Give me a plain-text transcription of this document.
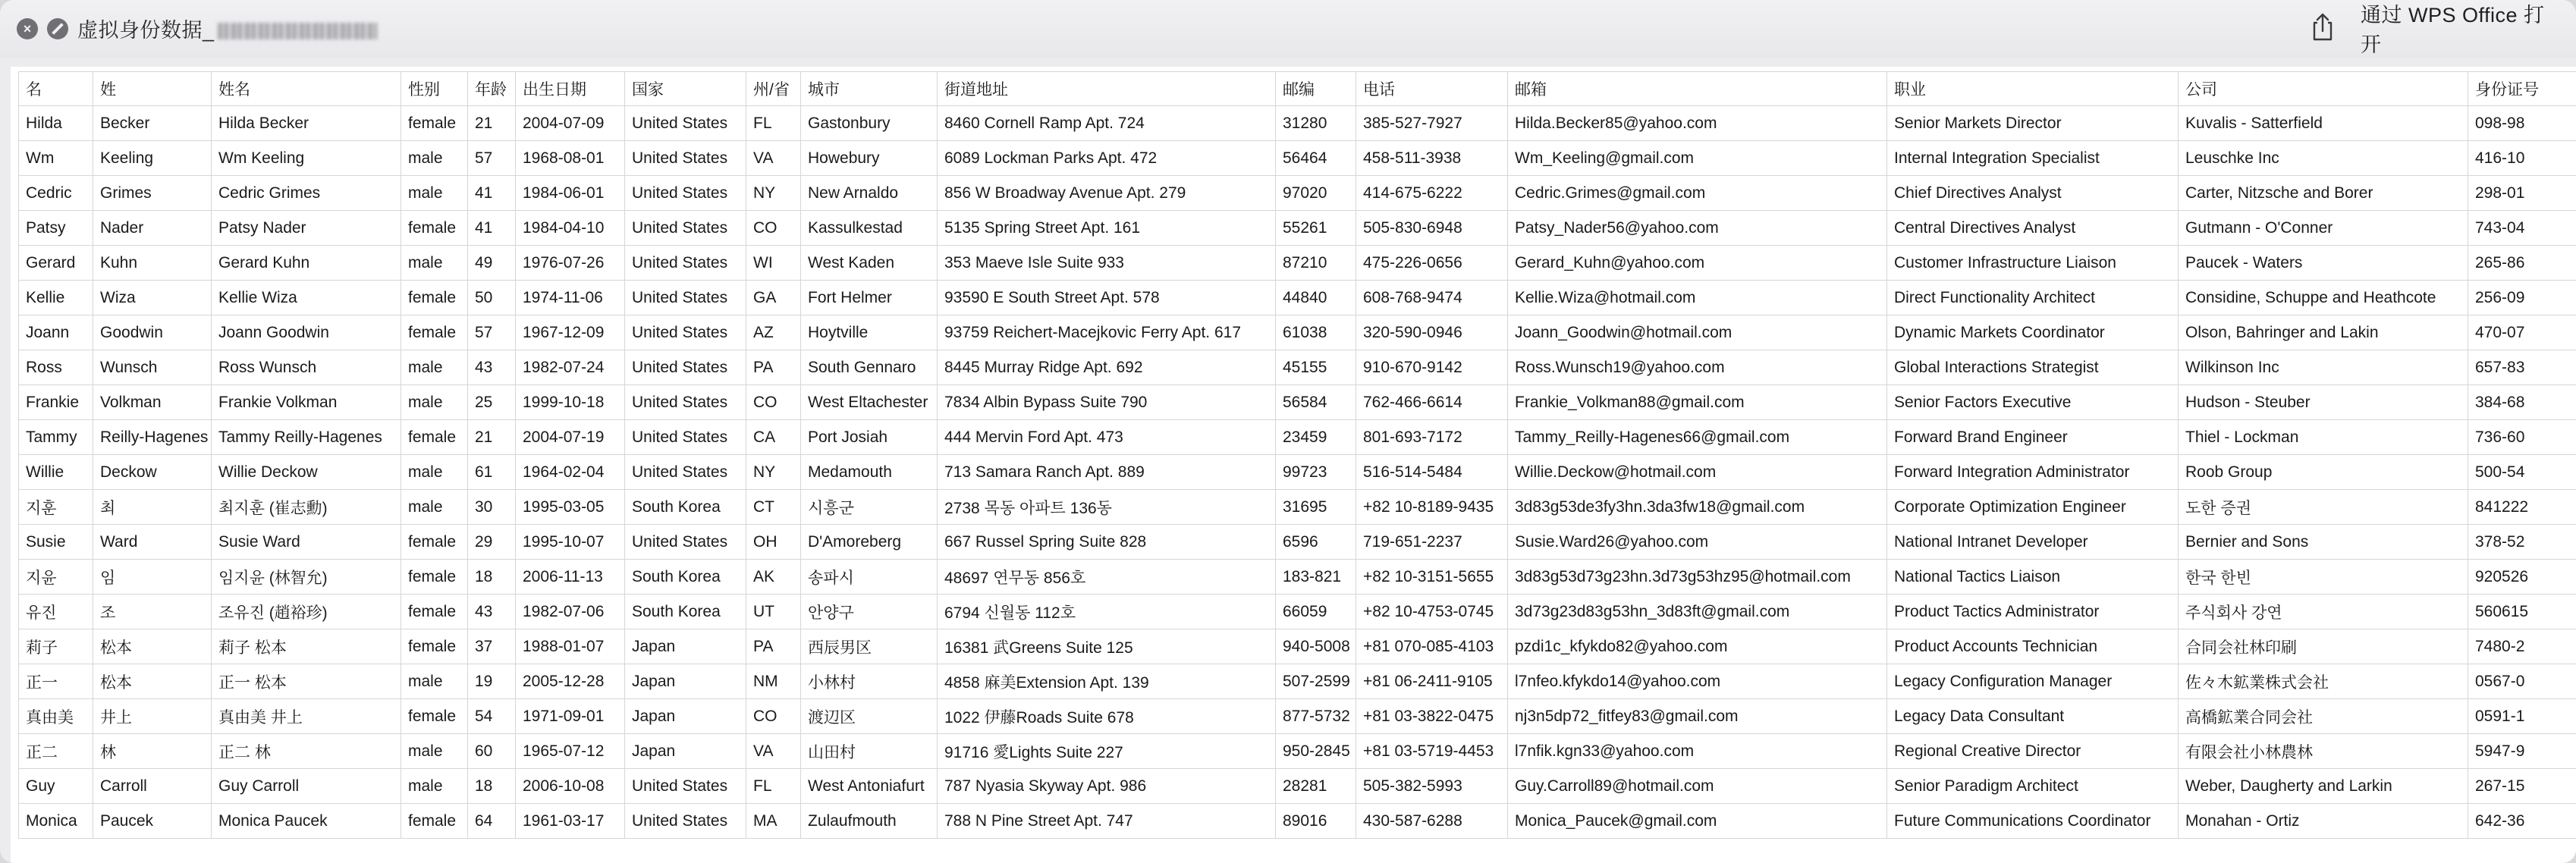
×	虚拟身份数据_
通过 WPS Office 打开
名	姓	姓名	性别	年龄	出生日期	国家	州/省	城市	街道地址	邮编	电话	邮箱	职业	公司	身份证号
Hilda	Becker	Hilda Becker	female	21	2004-07-09	United States	FL	Gastonbury	8460 Cornell Ramp Apt. 724	31280	385-527-7927	Hilda.Becker85@yahoo.com	Senior Markets Director	Kuvalis - Satterfield	098-98
Wm	Keeling	Wm Keeling	male	57	1968-08-01	United States	VA	Howebury	6089 Lockman Parks Apt. 472	56464	458-511-3938	Wm_Keeling@gmail.com	Internal Integration Specialist	Leuschke Inc	416-10
Cedric	Grimes	Cedric Grimes	male	41	1984-06-01	United States	NY	New Arnaldo	856 W Broadway Avenue Apt. 279	97020	414-675-6222	Cedric.Grimes@gmail.com	Chief Directives Analyst	Carter, Nitzsche and Borer	298-01
Patsy	Nader	Patsy Nader	female	41	1984-04-10	United States	CO	Kassulkestad	5135 Spring Street Apt. 161	55261	505-830-6948	Patsy_Nader56@yahoo.com	Central Directives Analyst	Gutmann - O'Conner	743-04
Gerard	Kuhn	Gerard Kuhn	male	49	1976-07-26	United States	WI	West Kaden	353 Maeve Isle Suite 933	87210	475-226-0656	Gerard_Kuhn@yahoo.com	Customer Infrastructure Liaison	Paucek - Waters	265-86
Kellie	Wiza	Kellie Wiza	female	50	1974-11-06	United States	GA	Fort Helmer	93590 E South Street Apt. 578	44840	608-768-9474	Kellie.Wiza@hotmail.com	Direct Functionality Architect	Considine, Schuppe and Heathcote	256-09
Joann	Goodwin	Joann Goodwin	female	57	1967-12-09	United States	AZ	Hoytville	93759 Reichert-Macejkovic Ferry Apt. 617	61038	320-590-0946	Joann_Goodwin@hotmail.com	Dynamic Markets Coordinator	Olson, Bahringer and Lakin	470-07
Ross	Wunsch	Ross Wunsch	male	43	1982-07-24	United States	PA	South Gennaro	8445 Murray Ridge Apt. 692	45155	910-670-9142	Ross.Wunsch19@yahoo.com	Global Interactions Strategist	Wilkinson Inc	657-83
Frankie	Volkman	Frankie Volkman	male	25	1999-10-18	United States	CO	West Eltachester	7834 Albin Bypass Suite 790	56584	762-466-6614	Frankie_Volkman88@gmail.com	Senior Factors Executive	Hudson - Steuber	384-68
Tammy	Reilly-Hagenes	Tammy Reilly-Hagenes	female	21	2004-07-19	United States	CA	Port Josiah	444 Mervin Ford Apt. 473	23459	801-693-7172	Tammy_Reilly-Hagenes66@gmail.com	Forward Brand Engineer	Thiel - Lockman	736-60
Willie	Deckow	Willie Deckow	male	61	1964-02-04	United States	NY	Medamouth	713 Samara Ranch Apt. 889	99723	516-514-5484	Willie.Deckow@hotmail.com	Forward Integration Administrator	Roob Group	500-54
지훈	최	최지훈 (崔志勳)	male	30	1995-03-05	South Korea	CT	시흥군	2738 목동 아파트 136동	31695	+82 10-8189-9435	3d83g53de3fy3hn.3da3fw18@gmail.com	Corporate Optimization Engineer	도한 증권	841222
Susie	Ward	Susie Ward	female	29	1995-10-07	United States	OH	D'Amoreberg	667 Russel Spring Suite 828	6596	719-651-2237	Susie.Ward26@yahoo.com	National Intranet Developer	Bernier and Sons	378-52
지윤	임	임지윤 (林智允)	female	18	2006-11-13	South Korea	AK	송파시	48697 연무동 856호	183-821	+82 10-3151-5655	3d83g53d73g23hn.3d73g53hz95@hotmail.com	National Tactics Liaison	한국 한빈	920526
유진	조	조유진 (趙裕珍)	female	43	1982-07-06	South Korea	UT	안양구	6794 신월동 112호	66059	+82 10-4753-0745	3d73g23d83g53hn_3d83ft@gmail.com	Product Tactics Administrator	주식회사 강연	560615
莉子	松本	莉子 松本	female	37	1988-01-07	Japan	PA	西辰男区	16381 武Greens Suite 125	940-5008	+81 070-085-4103	pzdi1c_kfykdo82@yahoo.com	Product Accounts Technician	合同会社林印刷	7480-2
正一	松本	正一 松本	male	19	2005-12-28	Japan	NM	小林村	4858 麻美Extension Apt. 139	507-2599	+81 06-2411-9105	l7nfeo.kfykdo14@yahoo.com	Legacy Configuration Manager	佐々木鉱業株式会社	0567-0
真由美	井上	真由美 井上	female	54	1971-09-01	Japan	CO	渡辺区	1022 伊藤Roads Suite 678	877-5732	+81 03-3822-0475	nj3n5dp72_fitfey83@gmail.com	Legacy Data Consultant	高橋鉱業合同会社	0591-1
正二	林	正二 林	male	60	1965-07-12	Japan	VA	山田村	91716 愛Lights Suite 227	950-2845	+81 03-5719-4453	l7nfik.kgn33@yahoo.com	Regional Creative Director	有限会社小林農林	5947-9
Guy	Carroll	Guy Carroll	male	18	2006-10-08	United States	FL	West Antoniafurt	787 Nyasia Skyway Apt. 986	28281	505-382-5993	Guy.Carroll89@hotmail.com	Senior Paradigm Architect	Weber, Daugherty and Larkin	267-15
Monica	Paucek	Monica Paucek	female	64	1961-03-17	United States	MA	Zulaufmouth	788 N Pine Street Apt. 747	89016	430-587-6288	Monica_Paucek@gmail.com	Future Communications Coordinator	Monahan - Ortiz	642-36
